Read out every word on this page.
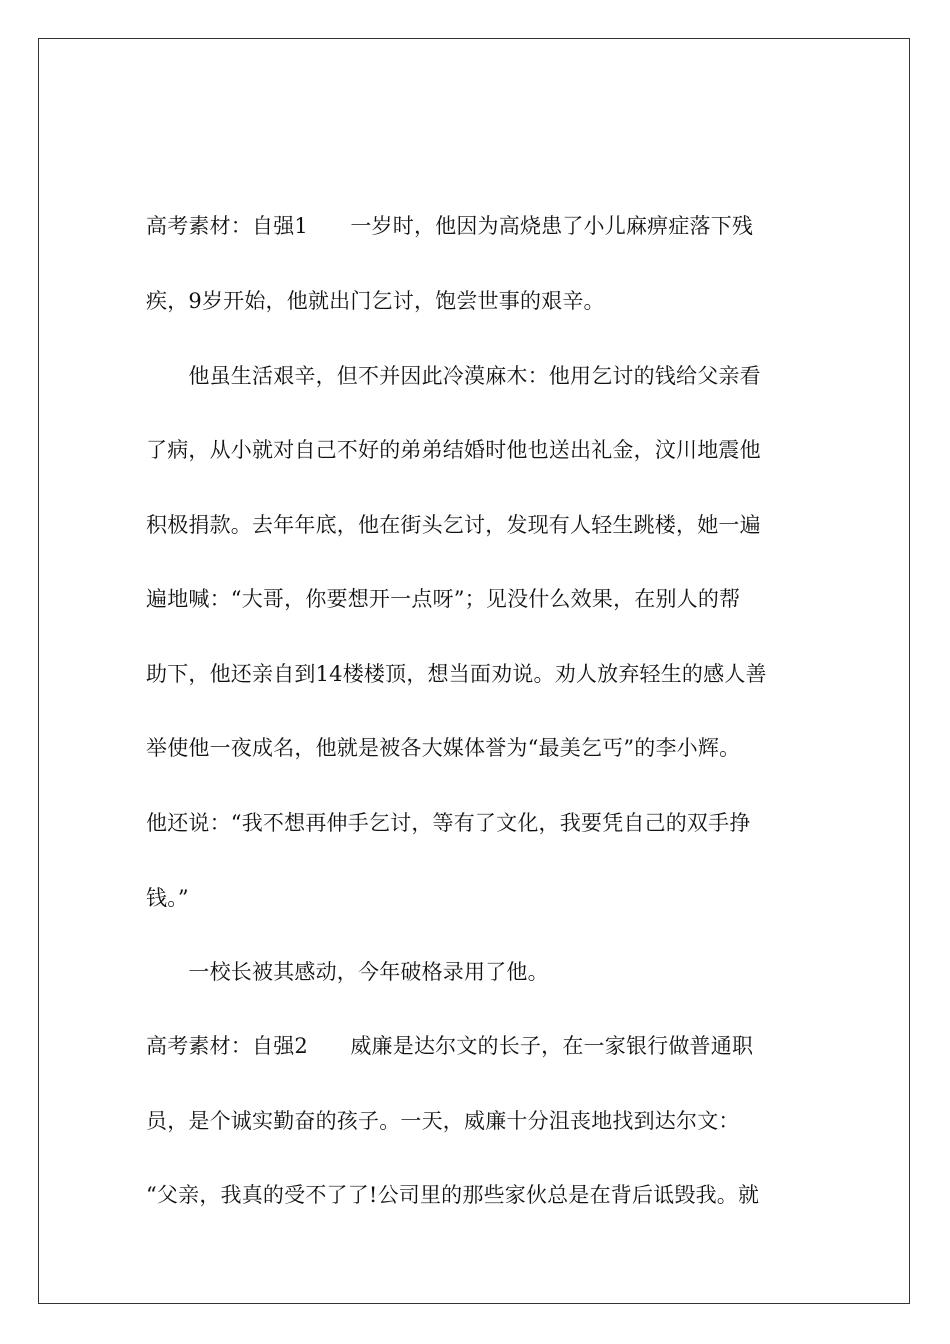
高考素材：自强1　　一岁时，他因为高烧患了小儿麻痹症落下残
疾，9岁开始，他就出门乞讨，饱尝世事的艰辛。
　　他虽生活艰辛，但不并因此冷漠麻木：他用乞讨的钱给父亲看
了病，从小就对自己不好的弟弟结婚时他也送出礼金，汶川地震他
积极捐款。去年年底，他在街头乞讨，发现有人轻生跳楼，她一遍
遍地喊：“大哥，你要想开一点呀”；见没什么效果，在别人的帮
助下，他还亲自到14楼楼顶，想当面劝说。劝人放弃轻生的感人善
举使他一夜成名，他就是被各大媒体誉为“最美乞丐”的李小辉。
他还说：“我不想再伸手乞讨，等有了文化，我要凭自己的双手挣
钱。”
　　一校长被其感动，今年破格录用了他。
高考素材：自强2　　威廉是达尔文的长子，在一家银行做普通职
员，是个诚实勤奋的孩子。一天，威廉十分沮丧地找到达尔文：
“父亲，我真的受不了了!公司里的那些家伙总是在背后诋毁我。就
